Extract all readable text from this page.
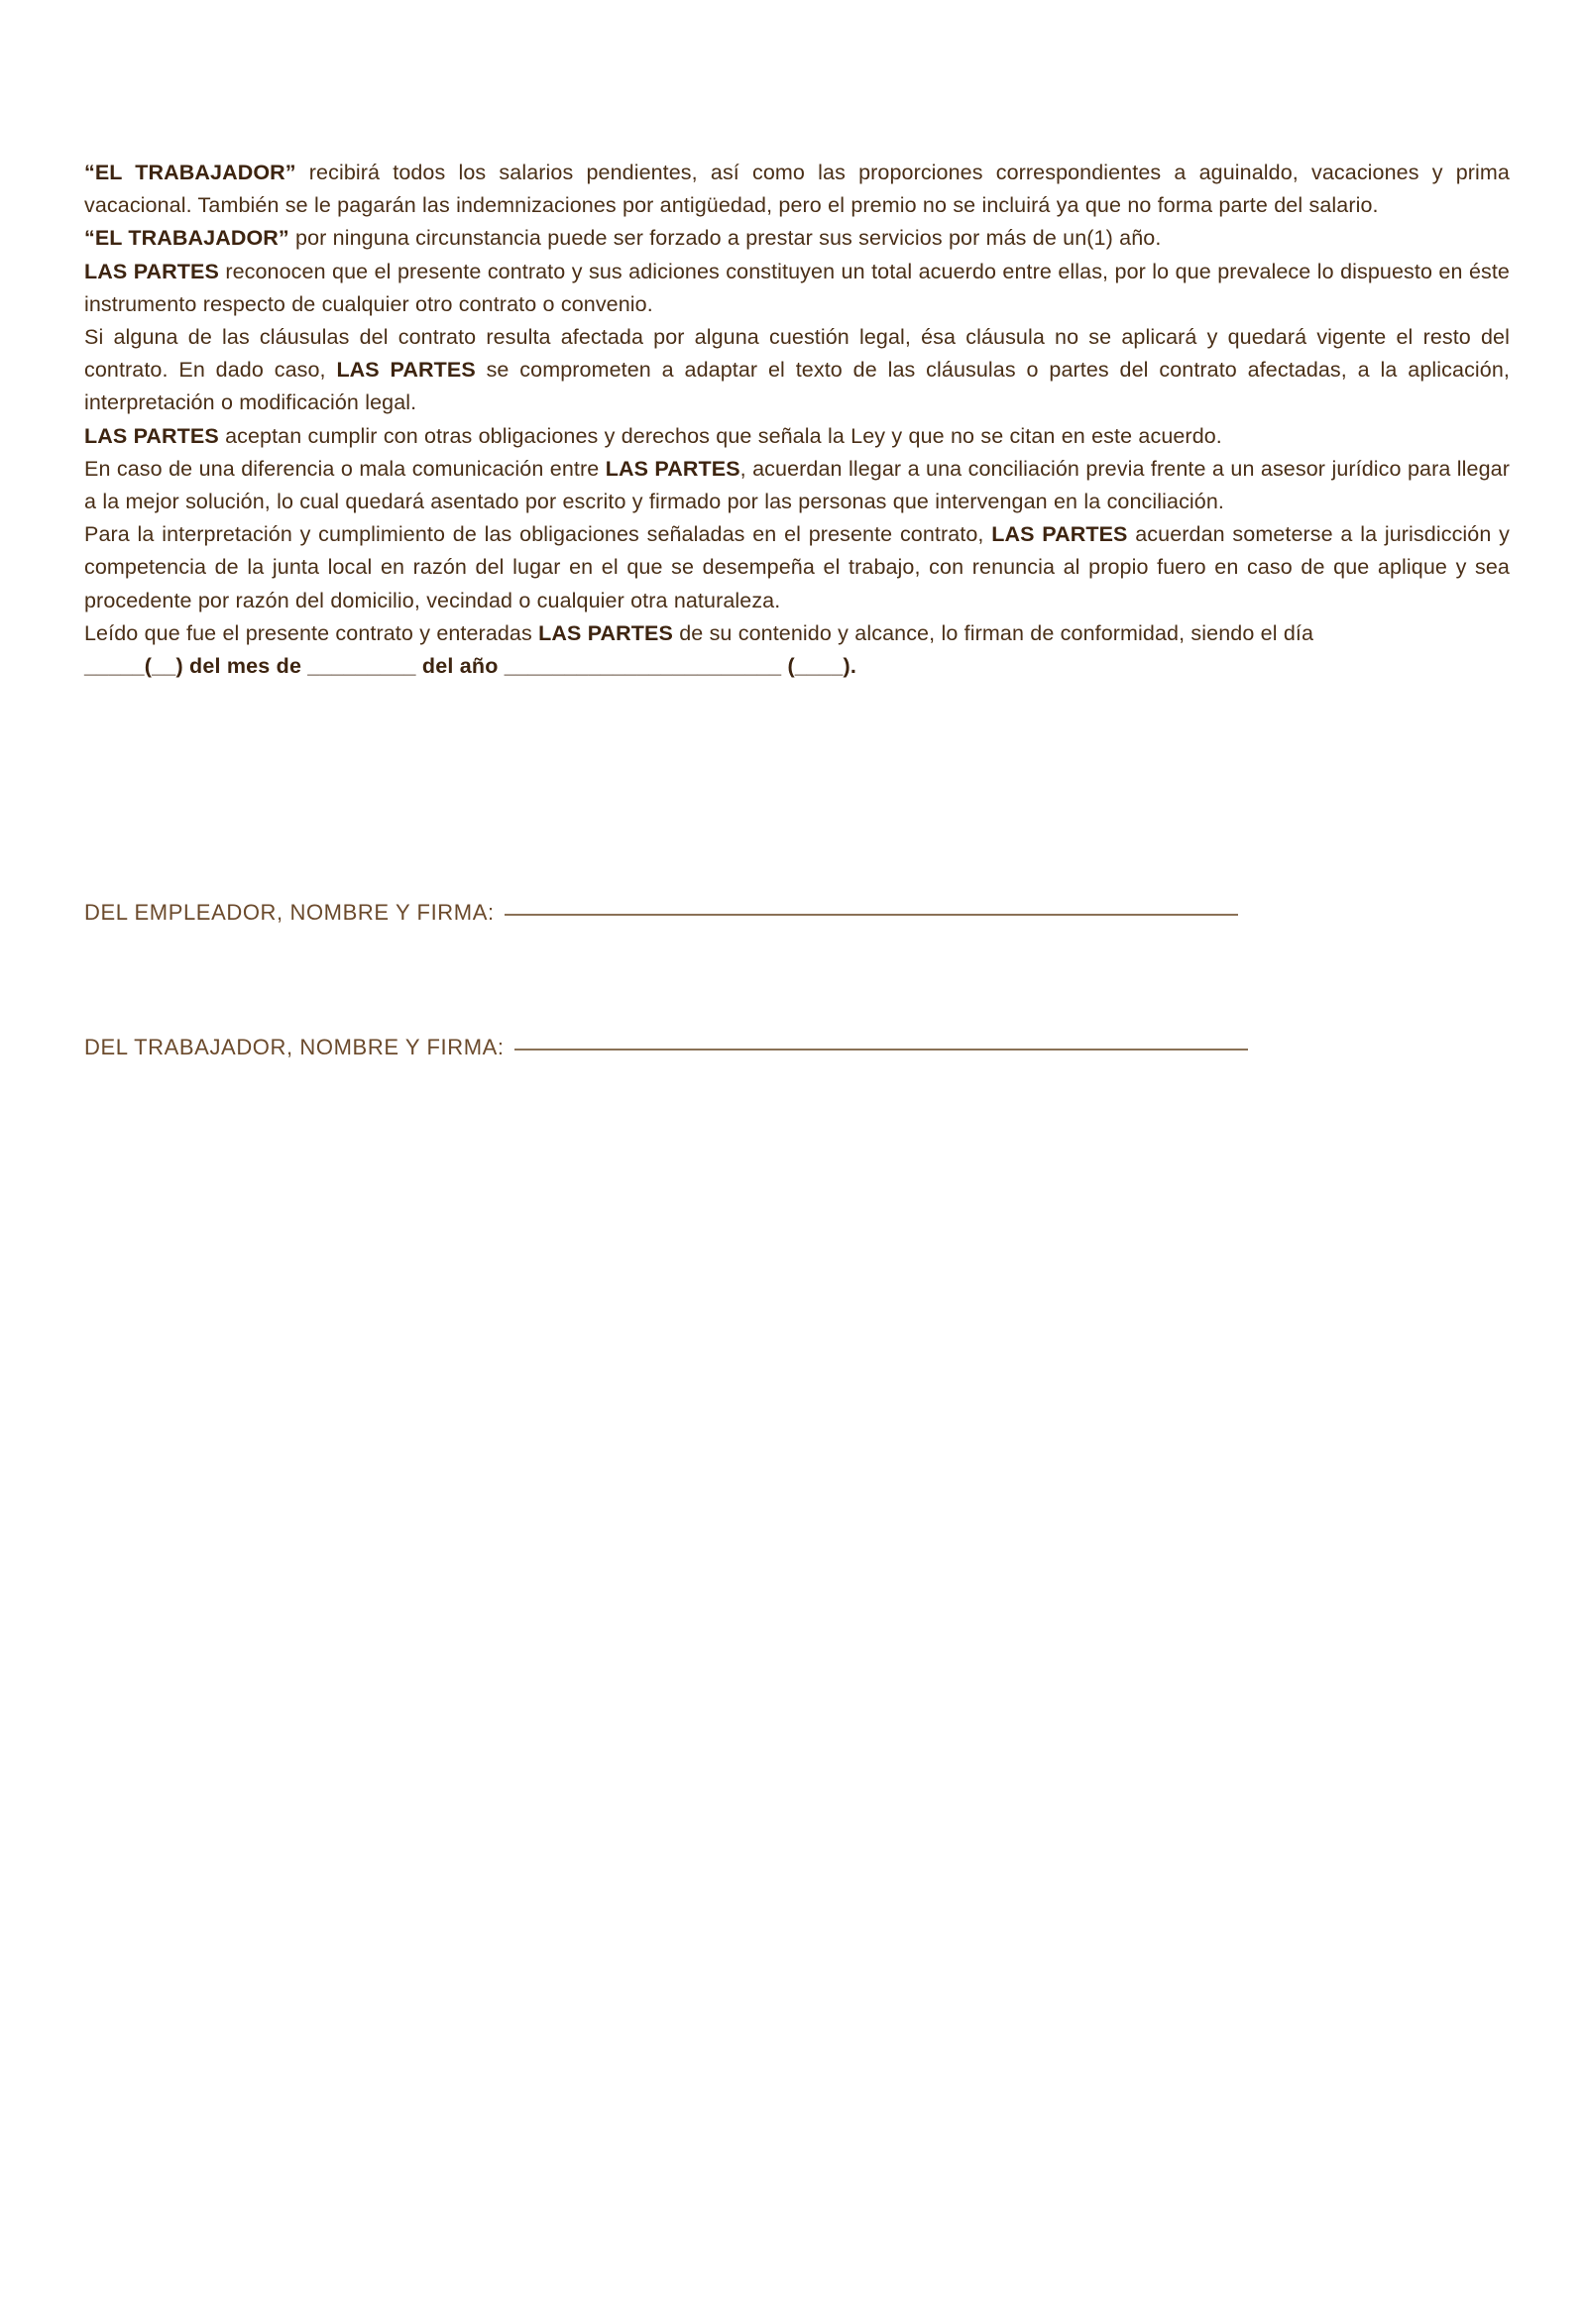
“EL TRABAJADOR” recibirá todos los salarios pendientes, así como las proporciones correspondientes a aguinaldo, vacaciones y prima vacacional. También se le pagarán las indemnizaciones por antigüedad, pero el premio no se incluirá ya que no forma parte del salario.

“EL TRABAJADOR” por ninguna circunstancia puede ser forzado a prestar sus servicios por más de un(1) año.

LAS PARTES reconocen que el presente contrato y sus adiciones constituyen un total acuerdo entre ellas, por lo que prevalece lo dispuesto en éste instrumento respecto de cualquier otro contrato o convenio.

Si alguna de las cláusulas del contrato resulta afectada por alguna cuestión legal, ésa cláusula no se aplicará y quedará vigente el resto del contrato. En dado caso, LAS PARTES se comprometen a adaptar el texto de las cláusulas o partes del contrato afectadas, a la aplicación, interpretación o modificación legal.

LAS PARTES aceptan cumplir con otras obligaciones y derechos que señala la Ley y que no se citan en este acuerdo.

En caso de una diferencia o mala comunicación entre LAS PARTES, acuerdan llegar a una conciliación previa frente a un asesor jurídico para llegar a la mejor solución, lo cual quedará asentado por escrito y firmado por las personas que intervengan en la conciliación.

Para la interpretación y cumplimiento de las obligaciones señaladas en el presente contrato, LAS PARTES acuerdan someterse a la jurisdicción y competencia de la junta local en razón del lugar en el que se desempeña el trabajo, con renuncia al propio fuero en caso de que aplique y sea procedente por razón del domicilio, vecindad o cualquier otra naturaleza.

Leído que fue el presente contrato y enteradas LAS PARTES de su contenido y alcance, lo firman de conformidad, siendo el día

_____(__) del mes de _________ del año _______________________ (____).

DEL EMPLEADOR, NOMBRE Y FIRMA:
DEL TRABAJADOR, NOMBRE Y FIRMA:
